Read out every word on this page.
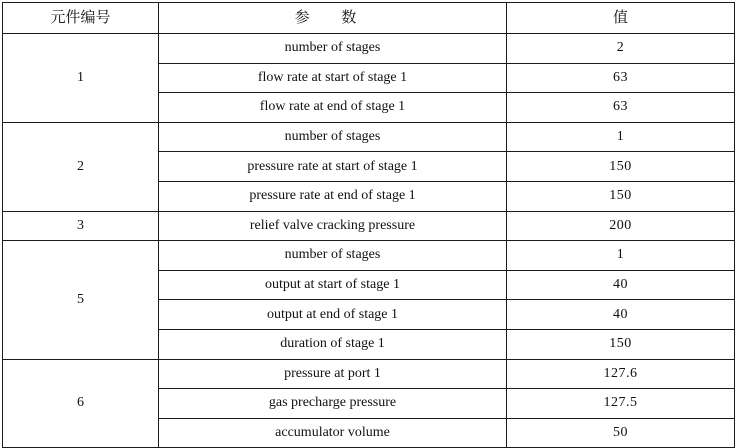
元件编号	参 数	值
1	number of stages	2
	flow rate at start of stage 1	63
	flow rate at end of stage 1	63
2	number of stages	1
	pressure rate at start of stage 1	150
	pressure rate at end of stage 1	150
3	relief valve cracking pressure	200
5	number of stages	1
	output at start of stage 1	40
	output at end of stage 1	40
	duration of stage 1	150
6	pressure at port 1	127.6
	gas precharge pressure	127.5
	accumulator volume	50
